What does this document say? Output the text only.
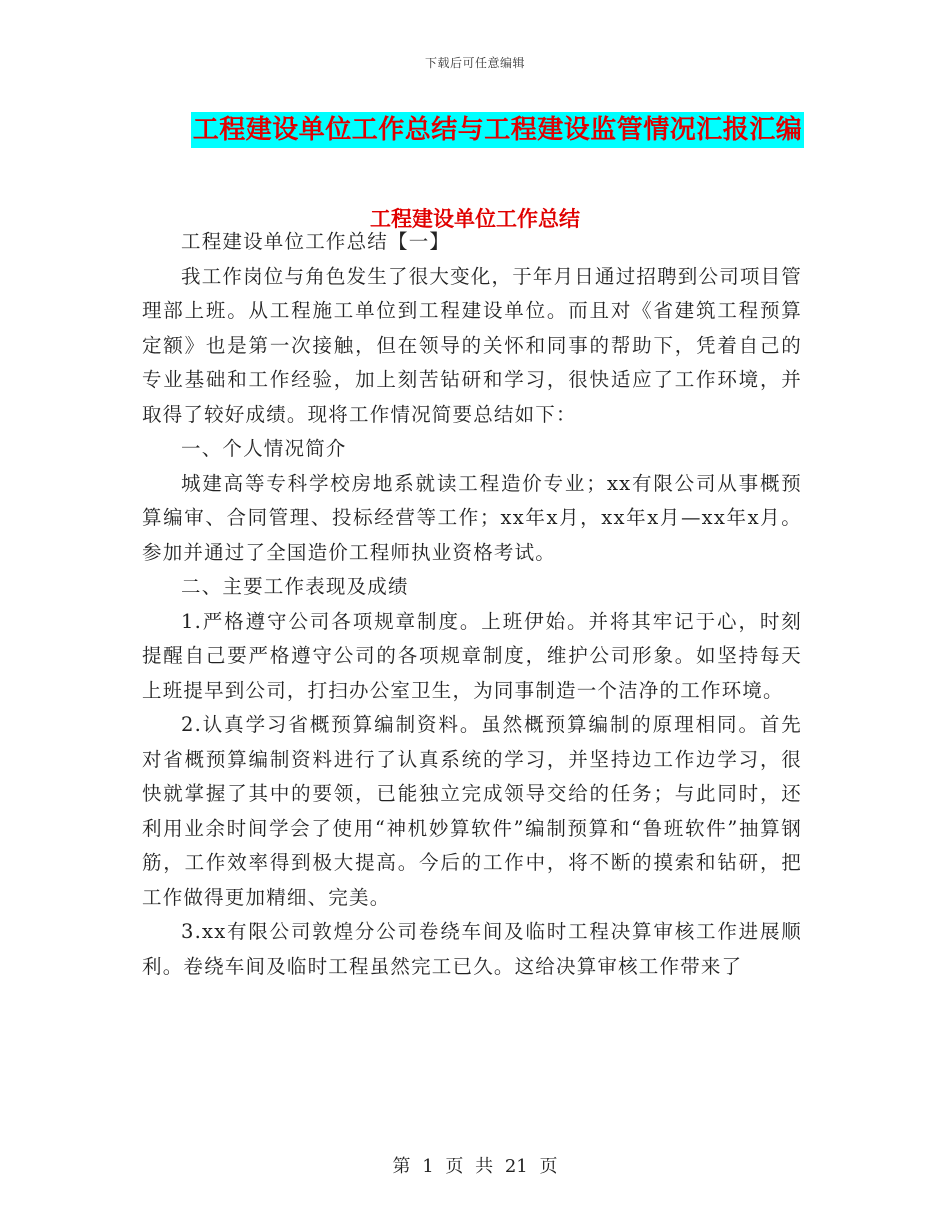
下载后可任意编辑
工程建设单位工作总结与工程建设监管情况汇报汇编
工程建设单位工作总结

工程建设单位工作总结【一】

我工作岗位与角色发生了很大变化，于年月日通过招聘到公司项目管理部上班。从工程施工单位到工程建设单位。而且对《省建筑工程预算定额》也是第一次接触，但在领导的关怀和同事的帮助下，凭着自己的专业基础和工作经验，加上刻苦钻研和学习，很快适应了工作环境，并取得了较好成绩。现将工作情况简要总结如下：

一、个人情况简介

城建高等专科学校房地系就读工程造价专业；xx有限公司从事概预算编审、合同管理、投标经营等工作；xx年x月，xx年x月—xx年x月。参加并通过了全国造价工程师执业资格考试。

二、主要工作表现及成绩

1.严格遵守公司各项规章制度。上班伊始。并将其牢记于心，时刻提醒自己要严格遵守公司的各项规章制度，维护公司形象。如坚持每天上班提早到公司，打扫办公室卫生，为同事制造一个洁净的工作环境。

2.认真学习省概预算编制资料。虽然概预算编制的原理相同。首先对省概预算编制资料进行了认真系统的学习，并坚持边工作边学习，很快就掌握了其中的要领，已能独立完成领导交给的任务；与此同时，还利用业余时间学会了使用“神机妙算软件”编制预算和“鲁班软件”抽算钢筋，工作效率得到极大提高。今后的工作中，将不断的摸索和钻研，把工作做得更加精细、完美。

3.xx有限公司敦煌分公司卷绕车间及临时工程决算审核工作进展顺利。卷绕车间及临时工程虽然完工已久。这给决算审核工作带来了

第 1 页 共 21 页
